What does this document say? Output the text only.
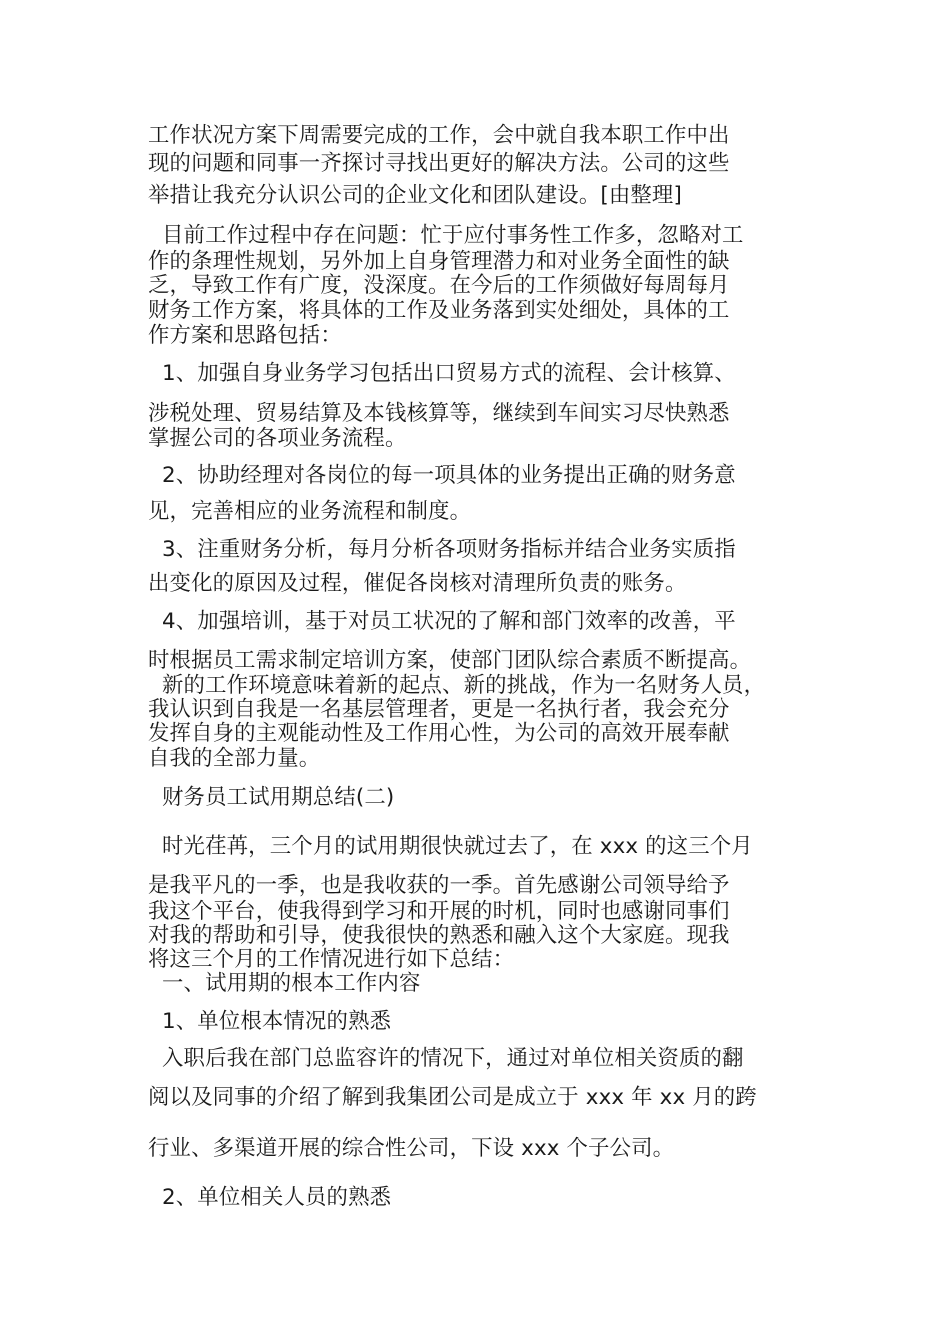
工作状况方案下周需要完成的工作，会中就自我本职工作中出
现的问题和同事一齐探讨寻找出更好的解决方法。公司的这些
举措让我充分认识公司的企业文化和团队建设。[由整理]
目前工作过程中存在问题：忙于应付事务性工作多，忽略对工
作的条理性规划，另外加上自身管理潜力和对业务全面性的缺
乏，导致工作有广度，没深度。在今后的工作须做好每周每月
财务工作方案，将具体的工作及业务落到实处细处，具体的工
作方案和思路包括：
1、加强自身业务学习包括出口贸易方式的流程、会计核算、
涉税处理、贸易结算及本钱核算等，继续到车间实习尽快熟悉
掌握公司的各项业务流程。
2、协助经理对各岗位的每一项具体的业务提出正确的财务意
见，完善相应的业务流程和制度。
3、注重财务分析，每月分析各项财务指标并结合业务实质指
出变化的原因及过程，催促各岗核对清理所负责的账务。
4、加强培训，基于对员工状况的了解和部门效率的改善，平
时根据员工需求制定培训方案，使部门团队综合素质不断提高。
新的工作环境意味着新的起点、新的挑战，作为一名财务人员，
我认识到自我是一名基层管理者，更是一名执行者，我会充分
发挥自身的主观能动性及工作用心性，为公司的高效开展奉献
自我的全部力量。
财务员工试用期总结(二)
时光荏苒，三个月的试用期很快就过去了，在 xxx 的这三个月
是我平凡的一季，也是我收获的一季。首先感谢公司领导给予
我这个平台，使我得到学习和开展的时机，同时也感谢同事们
对我的帮助和引导，使我很快的熟悉和融入这个大家庭。现我
将这三个月的工作情况进行如下总结：
一、试用期的根本工作内容
1、单位根本情况的熟悉
入职后我在部门总监容许的情况下，通过对单位相关资质的翻
阅以及同事的介绍了解到我集团公司是成立于 xxx 年 xx 月的跨
行业、多渠道开展的综合性公司，下设 xxx 个子公司。
2、单位相关人员的熟悉
